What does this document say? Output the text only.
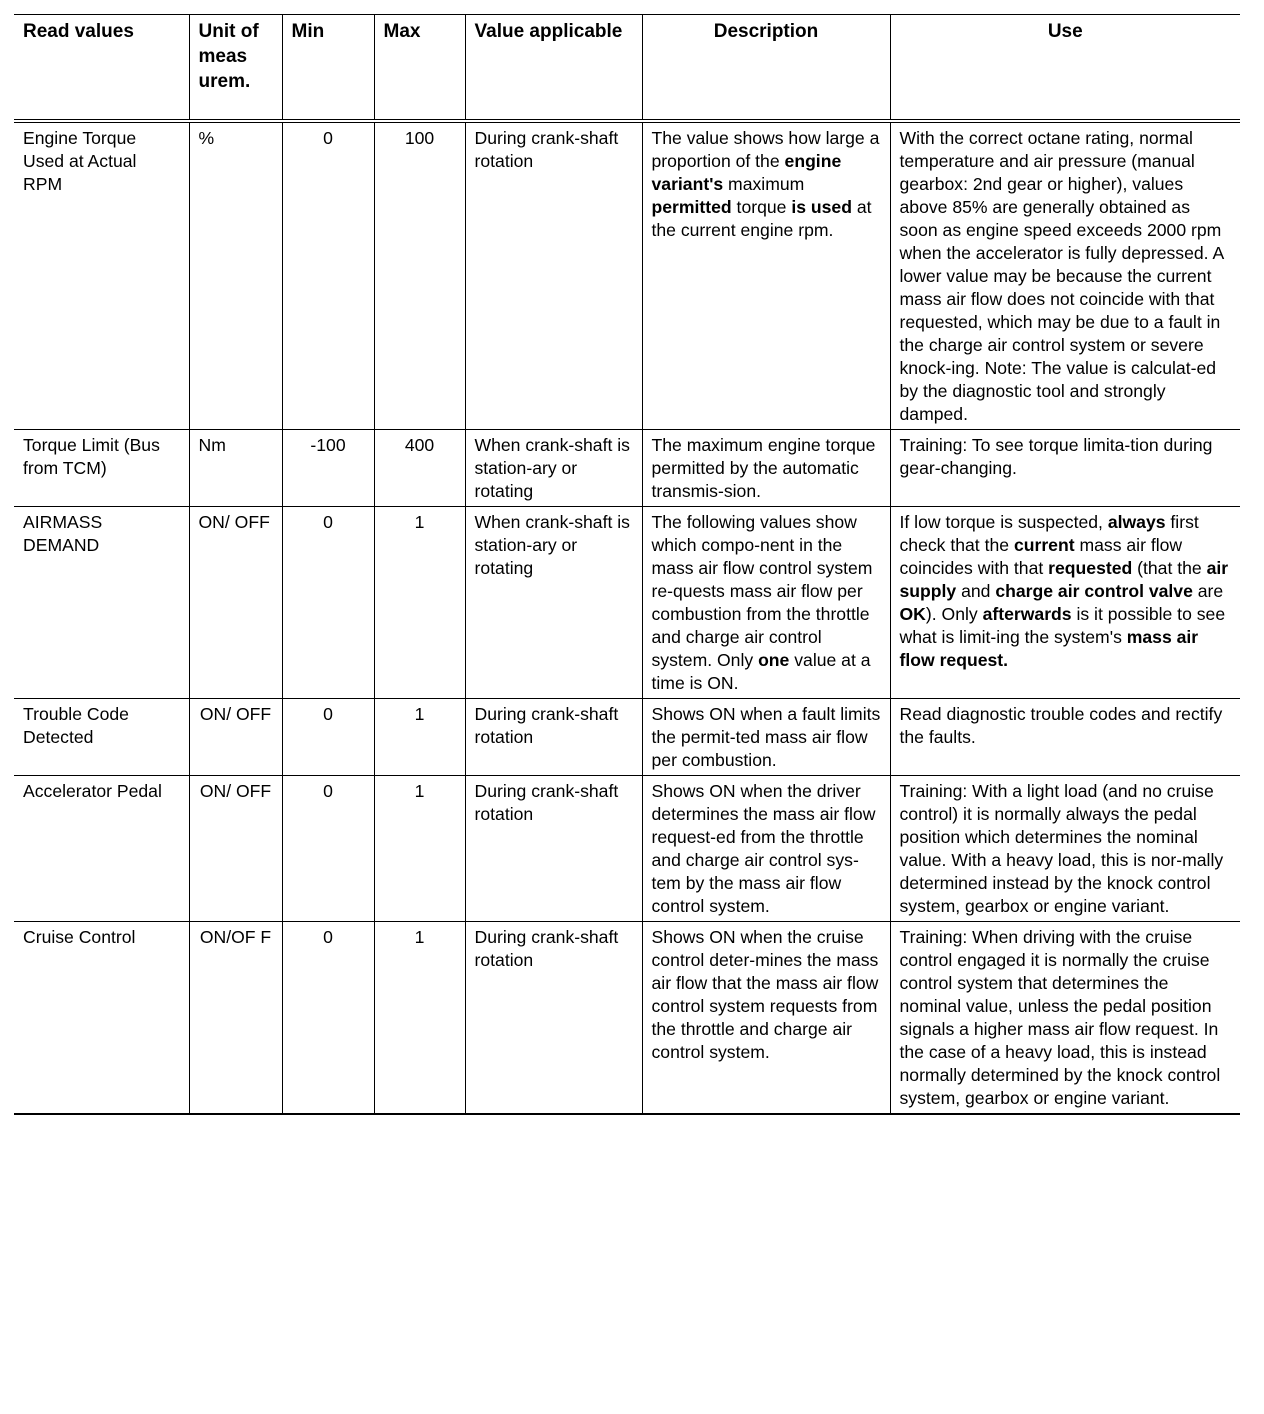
Read values	Unit of meas urem.	Min	Max	Value applicable	Description	Use
Engine Torque Used at Actual RPM	%	0	100	During crank-shaft rotation	The value shows how large a proportion of the engine variant's maximum permitted torque is used at the current engine rpm.	With the correct octane rating, normal temperature and air pressure (manual gearbox: 2nd gear or higher), values above 85% are generally obtained as soon as engine speed exceeds 2000 rpm when the accelerator is fully depressed. A lower value may be because the current mass air flow does not coincide with that requested, which may be due to a fault in the charge air control system or severe knock-ing. Note: The value is calculat-ed by the diagnostic tool and strongly damped.
Torque Limit (Bus from TCM)	Nm	-100	400	When crank-shaft is station-ary or rotating	The maximum engine torque permitted by the automatic transmis-sion.	Training: To see torque limita-tion during gear-changing.
AIRMASS DEMAND	ON/ OFF	0	1	When crank-shaft is station-ary or rotating	The following values show which compo-nent in the mass air flow control system re-quests mass air flow per combustion from the throttle and charge air control system. Only one value at a time is ON.	If low torque is suspected, always first check that the current mass air flow coincides with that requested (that the air supply and charge air control valve are OK). Only afterwards is it possible to see what is limit-ing the system's mass air flow request.
Trouble Code Detected	ON/ OFF	0	1	During crank-shaft rotation	Shows ON when a fault limits the permit-ted mass air flow per combustion.	Read diagnostic trouble codes and rectify the faults.
Accelerator Pedal	ON/ OFF	0	1	During crank-shaft rotation	Shows ON when the driver determines the mass air flow request-ed from the throttle and charge air control sys-tem by the mass air flow control system.	Training: With a light load (and no cruise control) it is normally always the pedal position which determines the nominal value. With a heavy load, this is nor-mally determined instead by the knock control system, gearbox or engine variant.
Cruise Control	ON/OF F	0	1	During crank-shaft rotation	Shows ON when the cruise control deter-mines the mass air flow that the mass air flow control system requests from the throttle and charge air control system.	Training: When driving with the cruise control engaged it is normally the cruise control system that determines the nominal value, unless the pedal position signals a higher mass air flow request. In the case of a heavy load, this is instead normally determined by the knock control system, gearbox or engine variant.
